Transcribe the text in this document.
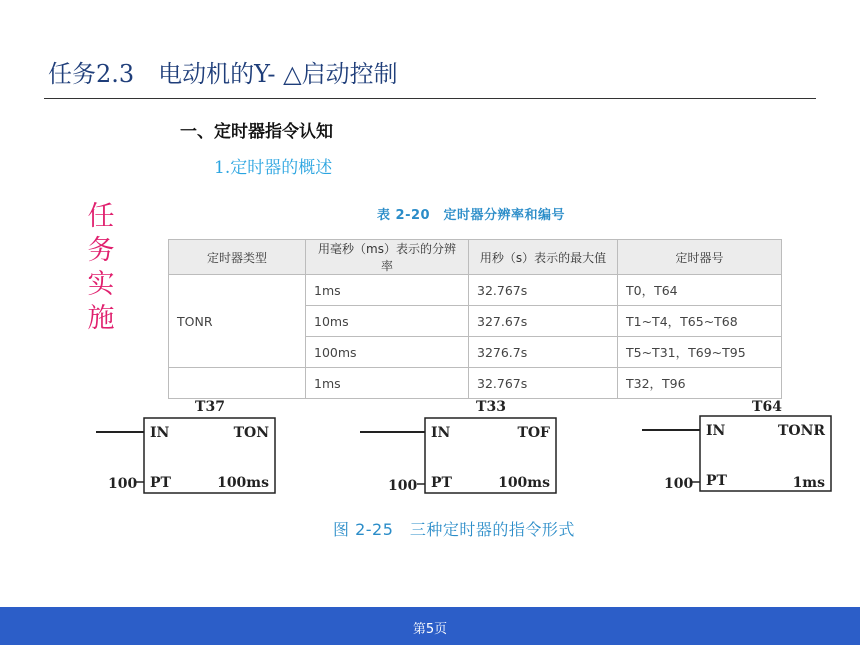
任务2.3　电动机的Y- △启动控制
一、定时器指令认知
1.定时器的概述
任
务
实
施
表 2-20　定时器分辨率和编号
定时器类型	用毫秒（ms）表示的分辨率	用秒（s）表示的最大值	定时器号
TONR	1ms	32.767s	T0，T64
	10ms	327.67s	T1~T4，T65~T68
	100ms	3276.7s	T5~T31，T69~T95
	1ms	32.767s	T32，T96
T37
IN	TON
100 PT	100ms
T33
IN	TOF
100 PT	100ms
T64
IN	TONR
100 PT	1ms
图 2-25　三种定时器的指令形式
第5页
